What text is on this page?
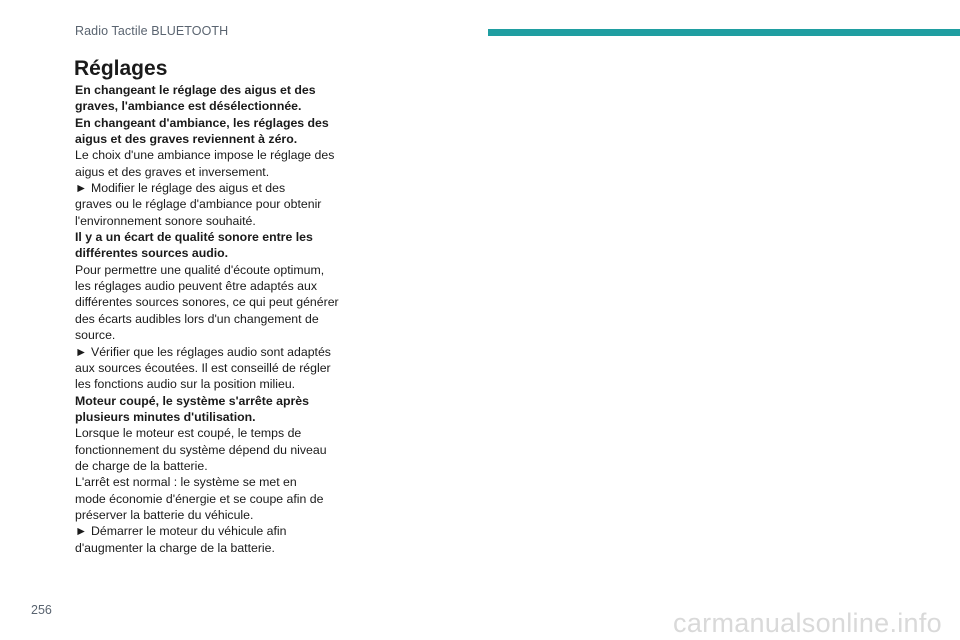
Radio Tactile BLUETOOTH
Réglages

En changeant le réglage des aigus et des
graves, l'ambiance est désélectionnée.

En changeant d'ambiance, les réglages des
aigus et des graves reviennent à zéro.

Le choix d'une ambiance impose le réglage des
aigus et des graves et inversement.

► Modifier le réglage des aigus et des
graves ou le réglage d'ambiance pour obtenir
l'environnement sonore souhaité.

Il y a un écart de qualité sonore entre les
différentes sources audio.

Pour permettre une qualité d'écoute optimum,
les réglages audio peuvent être adaptés aux
différentes sources sonores, ce qui peut générer
des écarts audibles lors d'un changement de
source.

► Vérifier que les réglages audio sont adaptés
aux sources écoutées. Il est conseillé de régler
les fonctions audio sur la position milieu.

Moteur coupé, le système s'arrête après
plusieurs minutes d'utilisation.

Lorsque le moteur est coupé, le temps de
fonctionnement du système dépend du niveau
de charge de la batterie.

L'arrêt est normal : le système se met en
mode économie d'énergie et se coupe afin de
préserver la batterie du véhicule.

► Démarrer le moteur du véhicule afin
d'augmenter la charge de la batterie.

256	carmanualsonline.info
